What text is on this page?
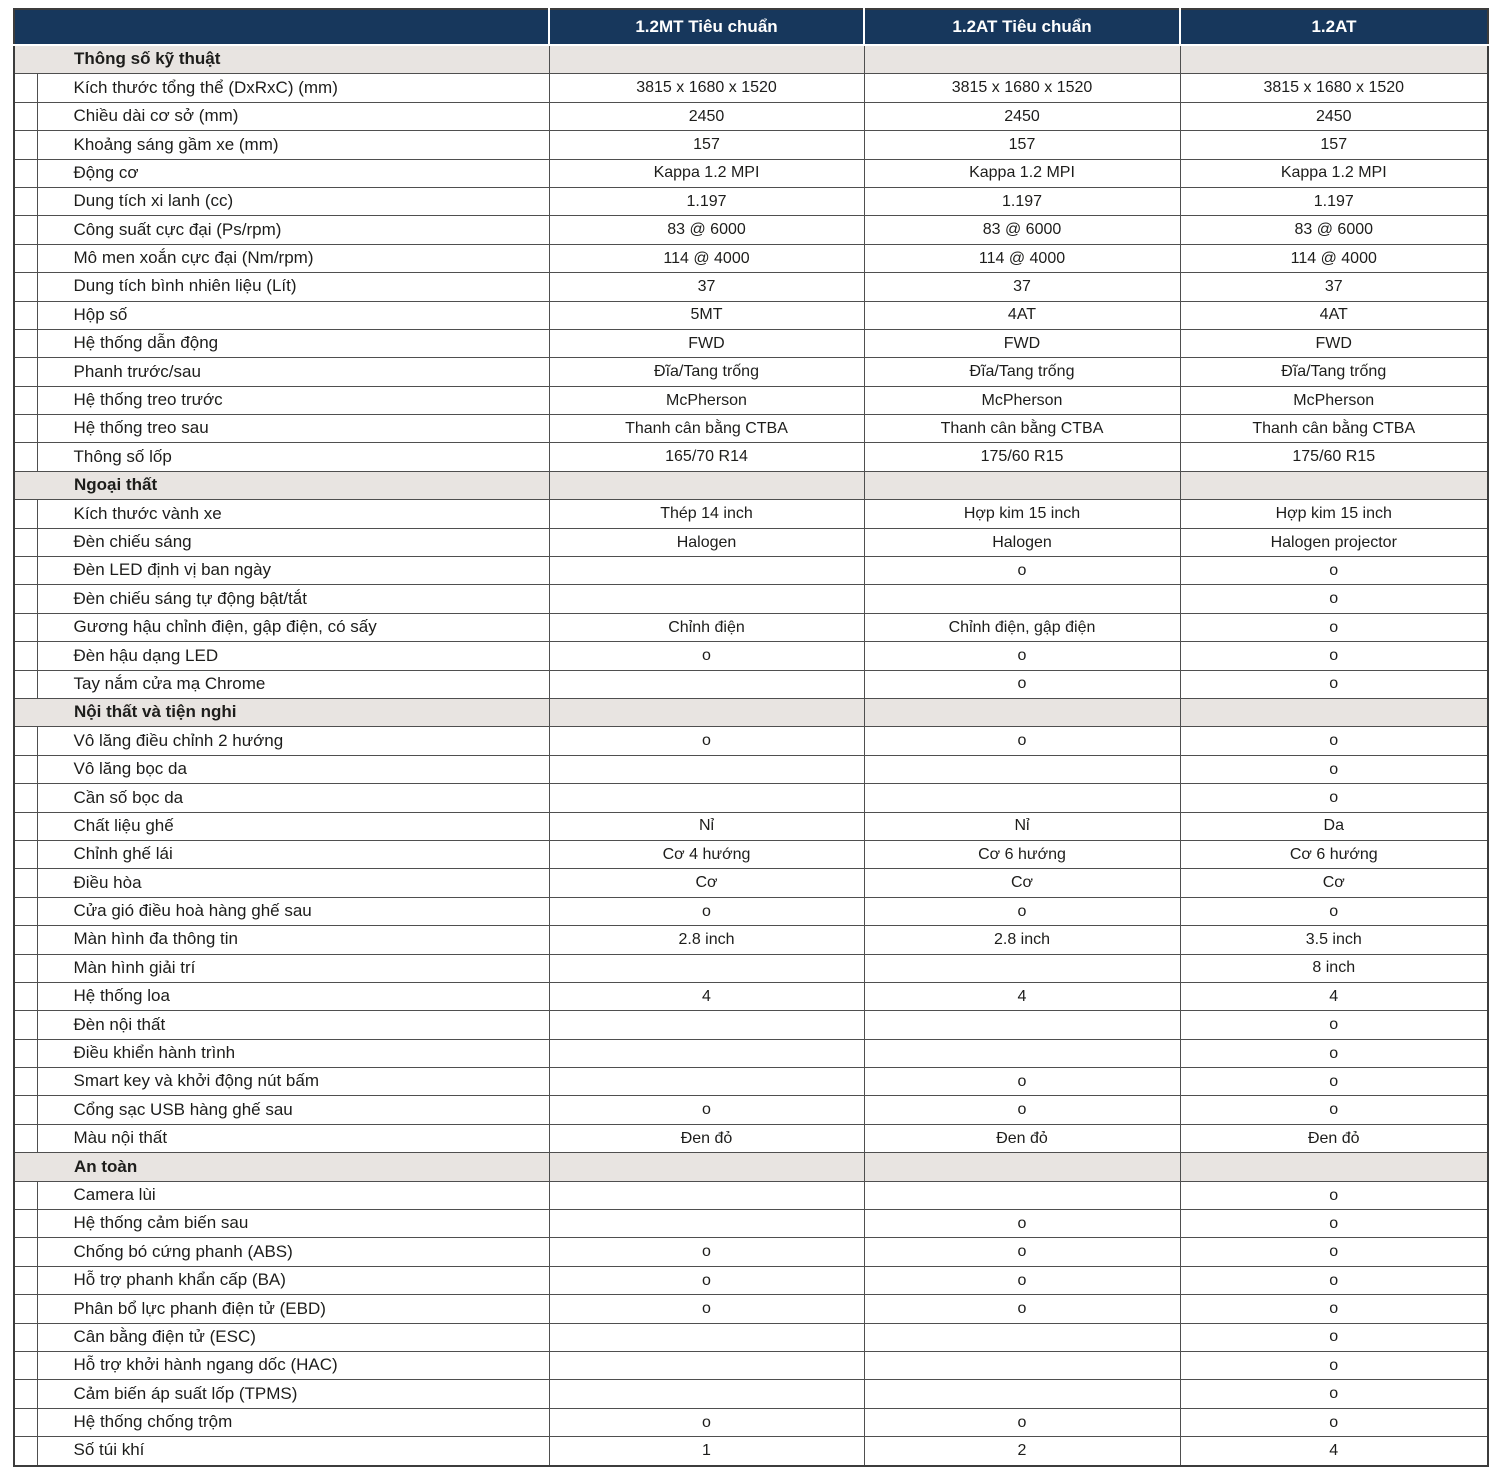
		1.2MT Tiêu chuẩn	1.2AT Tiêu chuẩn	1.2AT
Thông số kỹ thuật				
	Kích thước tổng thể (DxRxC) (mm)	3815 x 1680 x 1520	3815 x 1680 x 1520	3815 x 1680 x 1520
	Chiều dài cơ sở (mm)	2450	2450	2450
	Khoảng sáng gầm xe (mm)	157	157	157
	Động cơ	Kappa 1.2 MPI	Kappa 1.2 MPI	Kappa 1.2 MPI
	Dung tích xi lanh (cc)	1.197	1.197	1.197
	Công suất cực đại (Ps/rpm)	83 @ 6000	83 @ 6000	83 @ 6000
	Mô men xoắn cực đại (Nm/rpm)	114 @ 4000	114 @ 4000	114 @ 4000
	Dung tích bình nhiên liệu (Lít)	37	37	37
	Hộp số	5MT	4AT	4AT
	Hệ thống dẫn động	FWD	FWD	FWD
	Phanh trước/sau	Đĩa/Tang trống	Đĩa/Tang trống	Đĩa/Tang trống
	Hệ thống treo trước	McPherson	McPherson	McPherson
	Hệ thống treo sau	Thanh cân bằng CTBA	Thanh cân bằng CTBA	Thanh cân bằng CTBA
	Thông số lốp	165/70 R14	175/60 R15	175/60 R15
Ngoại thất				
	Kích thước vành xe	Thép 14 inch	Hợp kim 15 inch	Hợp kim 15 inch
	Đèn chiếu sáng	Halogen	Halogen	Halogen projector
	Đèn LED định vị ban ngày		o	o
	Đèn chiếu sáng tự động bật/tắt			o
	Gương hậu chỉnh điện, gập điện, có sấy	Chỉnh điện	Chỉnh điện, gập điện	o
	Đèn hậu dạng LED	o	o	o
	Tay nắm cửa mạ Chrome		o	o
Nội thất và tiện nghi				
	Vô lăng điều chỉnh 2 hướng	o	o	o
	Vô lăng bọc da			o
	Cần số bọc da			o
	Chất liệu ghế	Nỉ	Nỉ	Da
	Chỉnh ghế lái	Cơ 4 hướng	Cơ 6 hướng	Cơ 6 hướng
	Điều hòa	Cơ	Cơ	Cơ
	Cửa gió điều hoà hàng ghế sau	o	o	o
	Màn hình đa thông tin	2.8 inch	2.8 inch	3.5 inch
	Màn hình giải trí			8 inch
	Hệ thống loa	4	4	4
	Đèn nội thất			o
	Điều khiển hành trình			o
	Smart key và khởi động nút bấm		o	o
	Cổng sạc USB hàng ghế sau	o	o	o
	Màu nội thất	Đen đỏ	Đen đỏ	Đen đỏ
An toàn				
	Camera lùi			o
	Hệ thống cảm biến sau		o	o
	Chống bó cứng phanh (ABS)	o	o	o
	Hỗ trợ phanh khẩn cấp (BA)	o	o	o
	Phân bổ lực phanh điện tử (EBD)	o	o	o
	Cân bằng điện tử (ESC)			o
	Hỗ trợ khởi hành ngang dốc (HAC)			o
	Cảm biến áp suất lốp (TPMS)			o
	Hệ thống chống trộm	o	o	o
	Số túi khí	1	2	4
